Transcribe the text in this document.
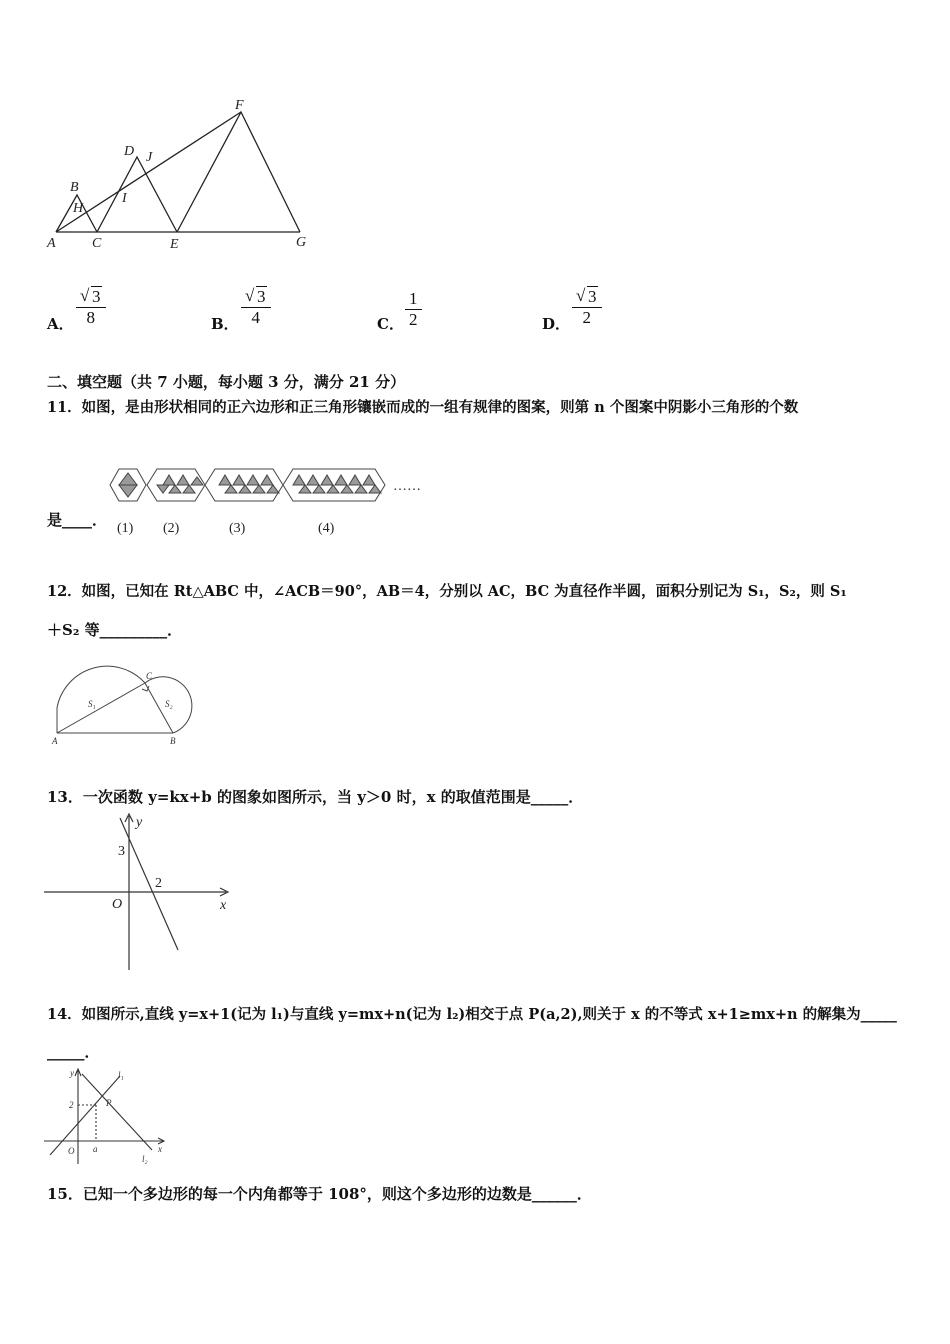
A
B
C
D
E
F
G
H
I
J
A． √ $\frac{3}{8}$	B． √ $\frac{3}{4}$	C． $\frac{1}{2}$	D． √ $\frac{3}{2}$
二、填空题（共 7 小题，每小题 3 分，满分 21 分）
11．如图，是由形状相同的正六边形和正三角形镶嵌而成的一组有规律的图案，则第 n 个图案中阴影小三角形的个数
是____． (1) (2)	(3)	(4)
……
12．如图，已知在 Rt△ABC 中，∠ACB＝90°，AB＝4，分别以 AC，BC 为直径作半圆，面积分别记为 S₁，S₂，则 S₁
＋S₂ 等_________．
A	B
C
S₁	S₂
13．一次函数 y=kx+b 的图象如图所示，当 y＞0 时，x 的取值范围是_____．
y
x
O
3
2
14．如图所示,直线 y=x+1(记为 l₁)与直线 y=mx+n(记为 l₂)相交于点 P(a,2),则关于 x 的不等式 x+1≥mx+n 的解集为_____
_____．
y
x
O
2
a
P
l₁
l₂
15．已知一个多边形的每一个内角都等于 108°，则这个多边形的边数是______．
